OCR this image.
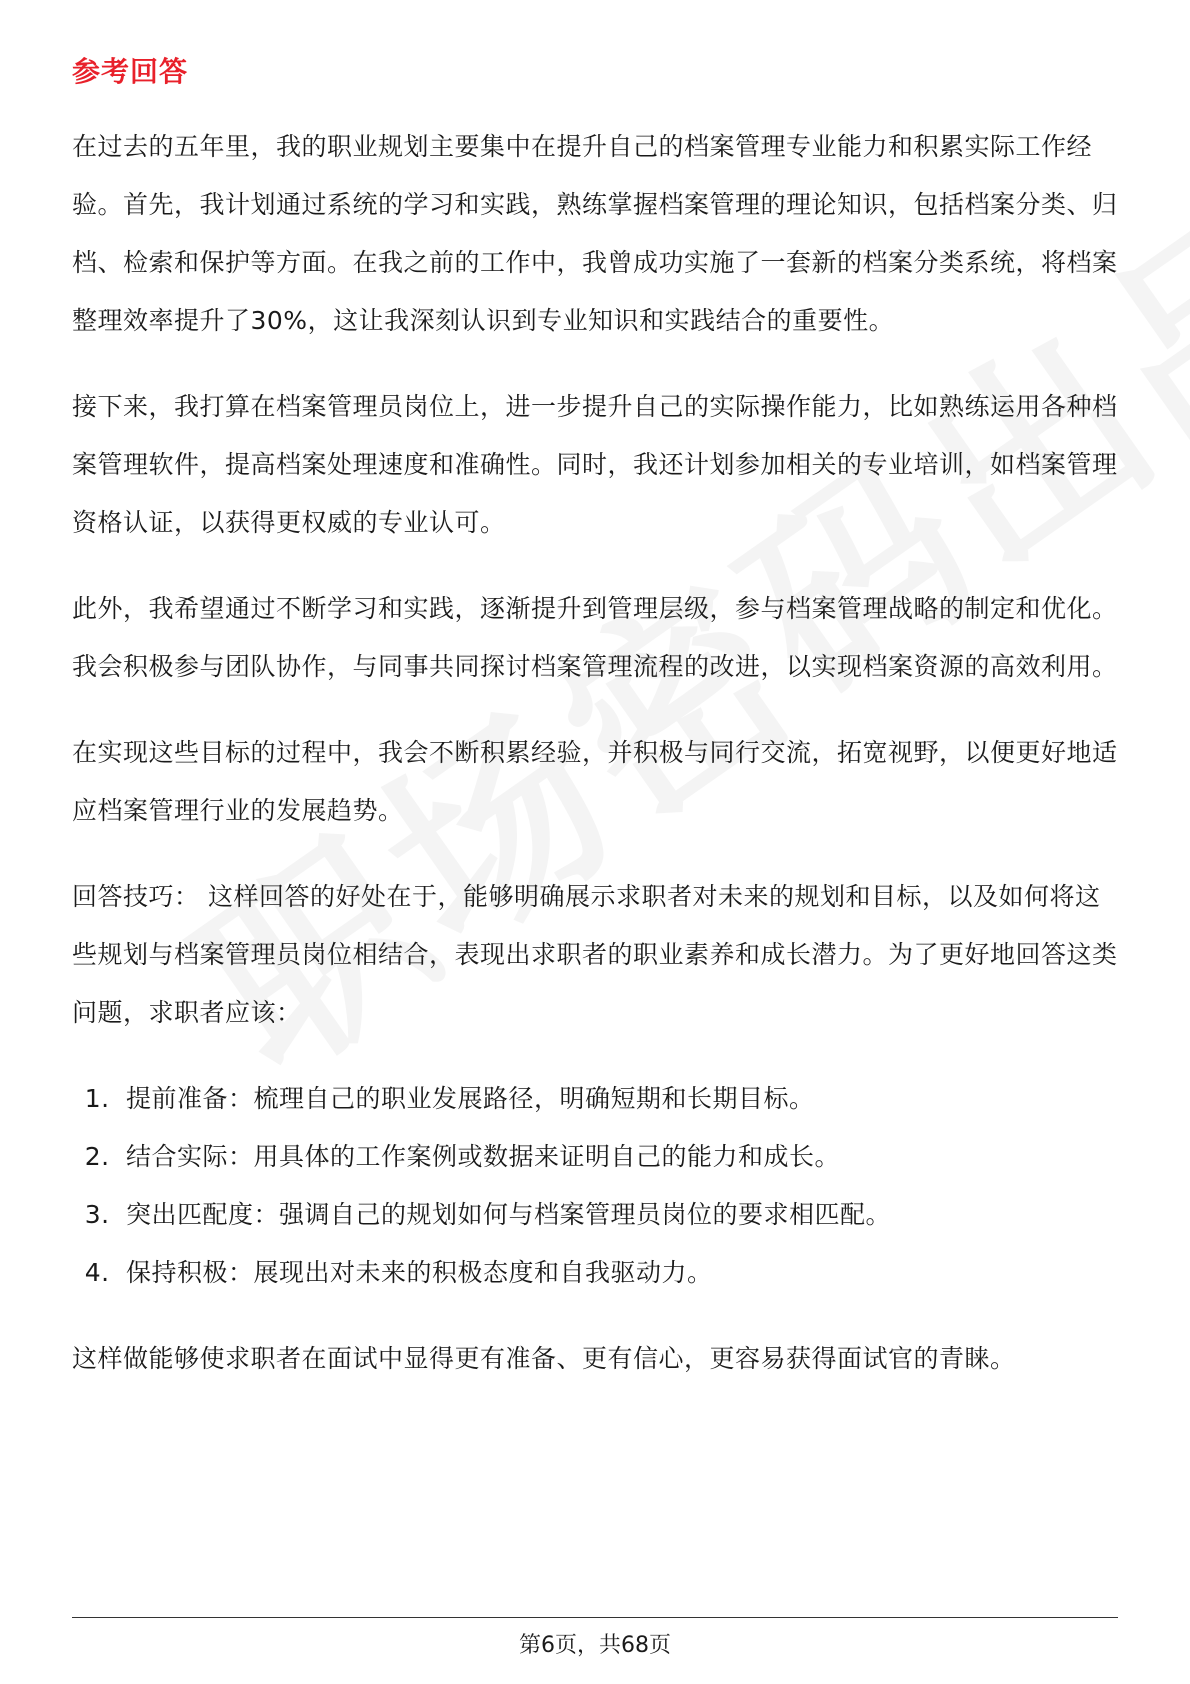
参考回答

在过去的五年里，我的职业规划主要集中在提升自己的档案管理专业能力和积累实际工作经验。首先，我计划通过系统的学习和实践，熟练掌握档案管理的理论知识，包括档案分类、归档、检索和保护等方面。在我之前的工作中，我曾成功实施了一套新的档案分类系统，将档案整理效率提升了30%，这让我深刻认识到专业知识和实践结合的重要性。

接下来，我打算在档案管理员岗位上，进一步提升自己的实际操作能力，比如熟练运用各种档案管理软件，提高档案处理速度和准确性。同时，我还计划参加相关的专业培训，如档案管理资格认证，以获得更权威的专业认可。

此外，我希望通过不断学习和实践，逐渐提升到管理层级，参与档案管理战略的制定和优化。我会积极参与团队协作，与同事共同探讨档案管理流程的改进，以实现档案资源的高效利用。

在实现这些目标的过程中，我会不断积累经验，并积极与同行交流，拓宽视野，以便更好地适应档案管理行业的发展趋势。

回答技巧： 这样回答的好处在于，能够明确展示求职者对未来的规划和目标，以及如何将这些规划与档案管理员岗位相结合，表现出求职者的职业素养和成长潜力。为了更好地回答这类问题，求职者应该：

1. 提前准备：梳理自己的职业发展路径，明确短期和长期目标。
2. 结合实际：用具体的工作案例或数据来证明自己的能力和成长。
3. 突出匹配度：强调自己的规划如何与档案管理员岗位的要求相匹配。
4. 保持积极：展现出对未来的积极态度和自我驱动力。

这样做能够使求职者在面试中显得更有准备、更有信心，更容易获得面试官的青睐。

第6页，共68页
